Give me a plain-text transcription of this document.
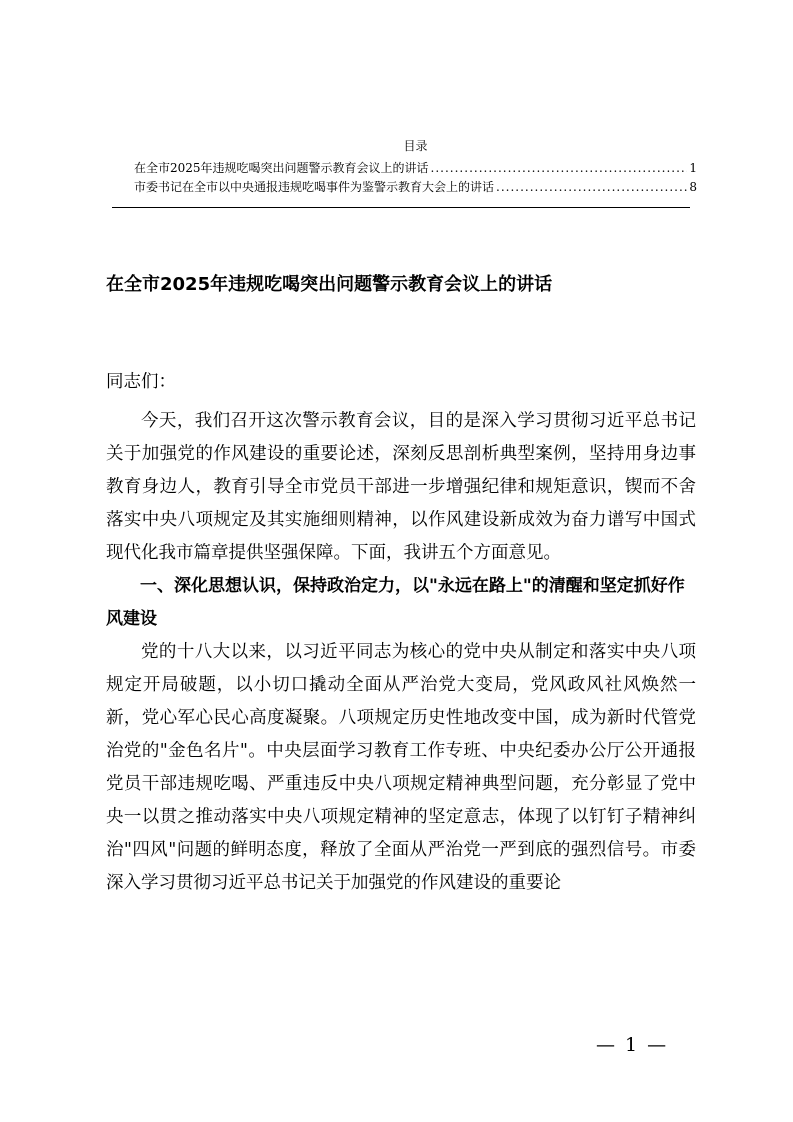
目录
在全市2025年违规吃喝突出问题警示教育会议上的讲话 .....	1
市委书记在全市以中央通报违规吃喝事件为鉴警示教育大会上的讲话 .....	8
在全市2025年违规吃喝突出问题警示教育会议上的讲话

同志们：

今天，我们召开这次警示教育会议，目的是深入学习贯彻习近平总书记关于加强党的作风建设的重要论述，深刻反思剖析典型案例，坚持用身边事教育身边人，教育引导全市党员干部进一步增强纪律和规矩意识，锲而不舍落实中央八项规定及其实施细则精神，以作风建设新成效为奋力谱写中国式现代化我市篇章提供坚强保障。下面，我讲五个方面意见。

一、深化思想认识，保持政治定力，以"永远在路上"的清醒和坚定抓好作风建设

党的十八大以来，以习近平同志为核心的党中央从制定和落实中央八项规定开局破题，以小切口撬动全面从严治党大变局，党风政风社风焕然一新，党心军心民心高度凝聚。八项规定历史性地改变中国，成为新时代管党治党的"金色名片"。中央层面学习教育工作专班、中央纪委办公厅公开通报党员干部违规吃喝、严重违反中央八项规定精神典型问题，充分彰显了党中央一以贯之推动落实中央八项规定精神的坚定意志，体现了以钉钉子精神纠治"四风"问题的鲜明态度，释放了全面从严治党一严到底的强烈信号。市委深入学习贯彻习近平总书记关于加强党的作风建设的重要论

— 1 —
